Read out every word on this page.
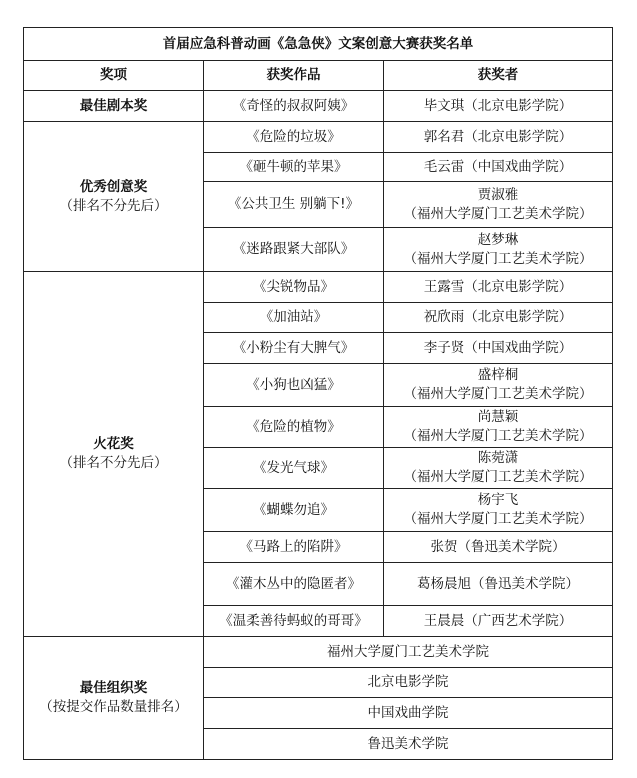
首届应急科普动画《急急侠》文案创意大赛获奖名单		
奖项	获奖作品	获奖者
最佳剧本奖	《奇怪的叔叔阿姨》	毕文琪（北京电影学院）

优秀创意奖
（排名不分先后）	《危险的垃圾》	郭名君（北京电影学院）
	《砸牛顿的苹果》	毛云雷（中国戏曲学院）
	《公共卫生 别躺下!》	贾淑雅
（福州大学厦门工艺美术学院）

	《迷路跟紧大部队》	赵梦琳
（福州大学厦门工艺美术学院）

火花奖
（排名不分先后）	《尖锐物品》	王露雪（北京电影学院）
	《加油站》	祝欣雨（北京电影学院）
	《小粉尘有大脾气》	李子贤（中国戏曲学院）
	《小狗也凶猛》	盛梓桐
（福州大学厦门工艺美术学院）

	《危险的植物》	尚慧颖
（福州大学厦门工艺美术学院）

	《发光气球》	陈菀潇
（福州大学厦门工艺美术学院）

	《蝴蝶勿追》	杨宇飞
（福州大学厦门工艺美术学院）

	《马路上的陷阱》	张贺（鲁迅美术学院）
	《灌木丛中的隐匿者》	葛杨晨旭（鲁迅美术学院）
	《温柔善待蚂蚁的哥哥》	王晨晨（广西艺术学院）

最佳组织奖
（按提交作品数量排名）	福州大学厦门工艺美术学院	
	北京电影学院	
	中国戏曲学院	
	鲁迅美术学院	
